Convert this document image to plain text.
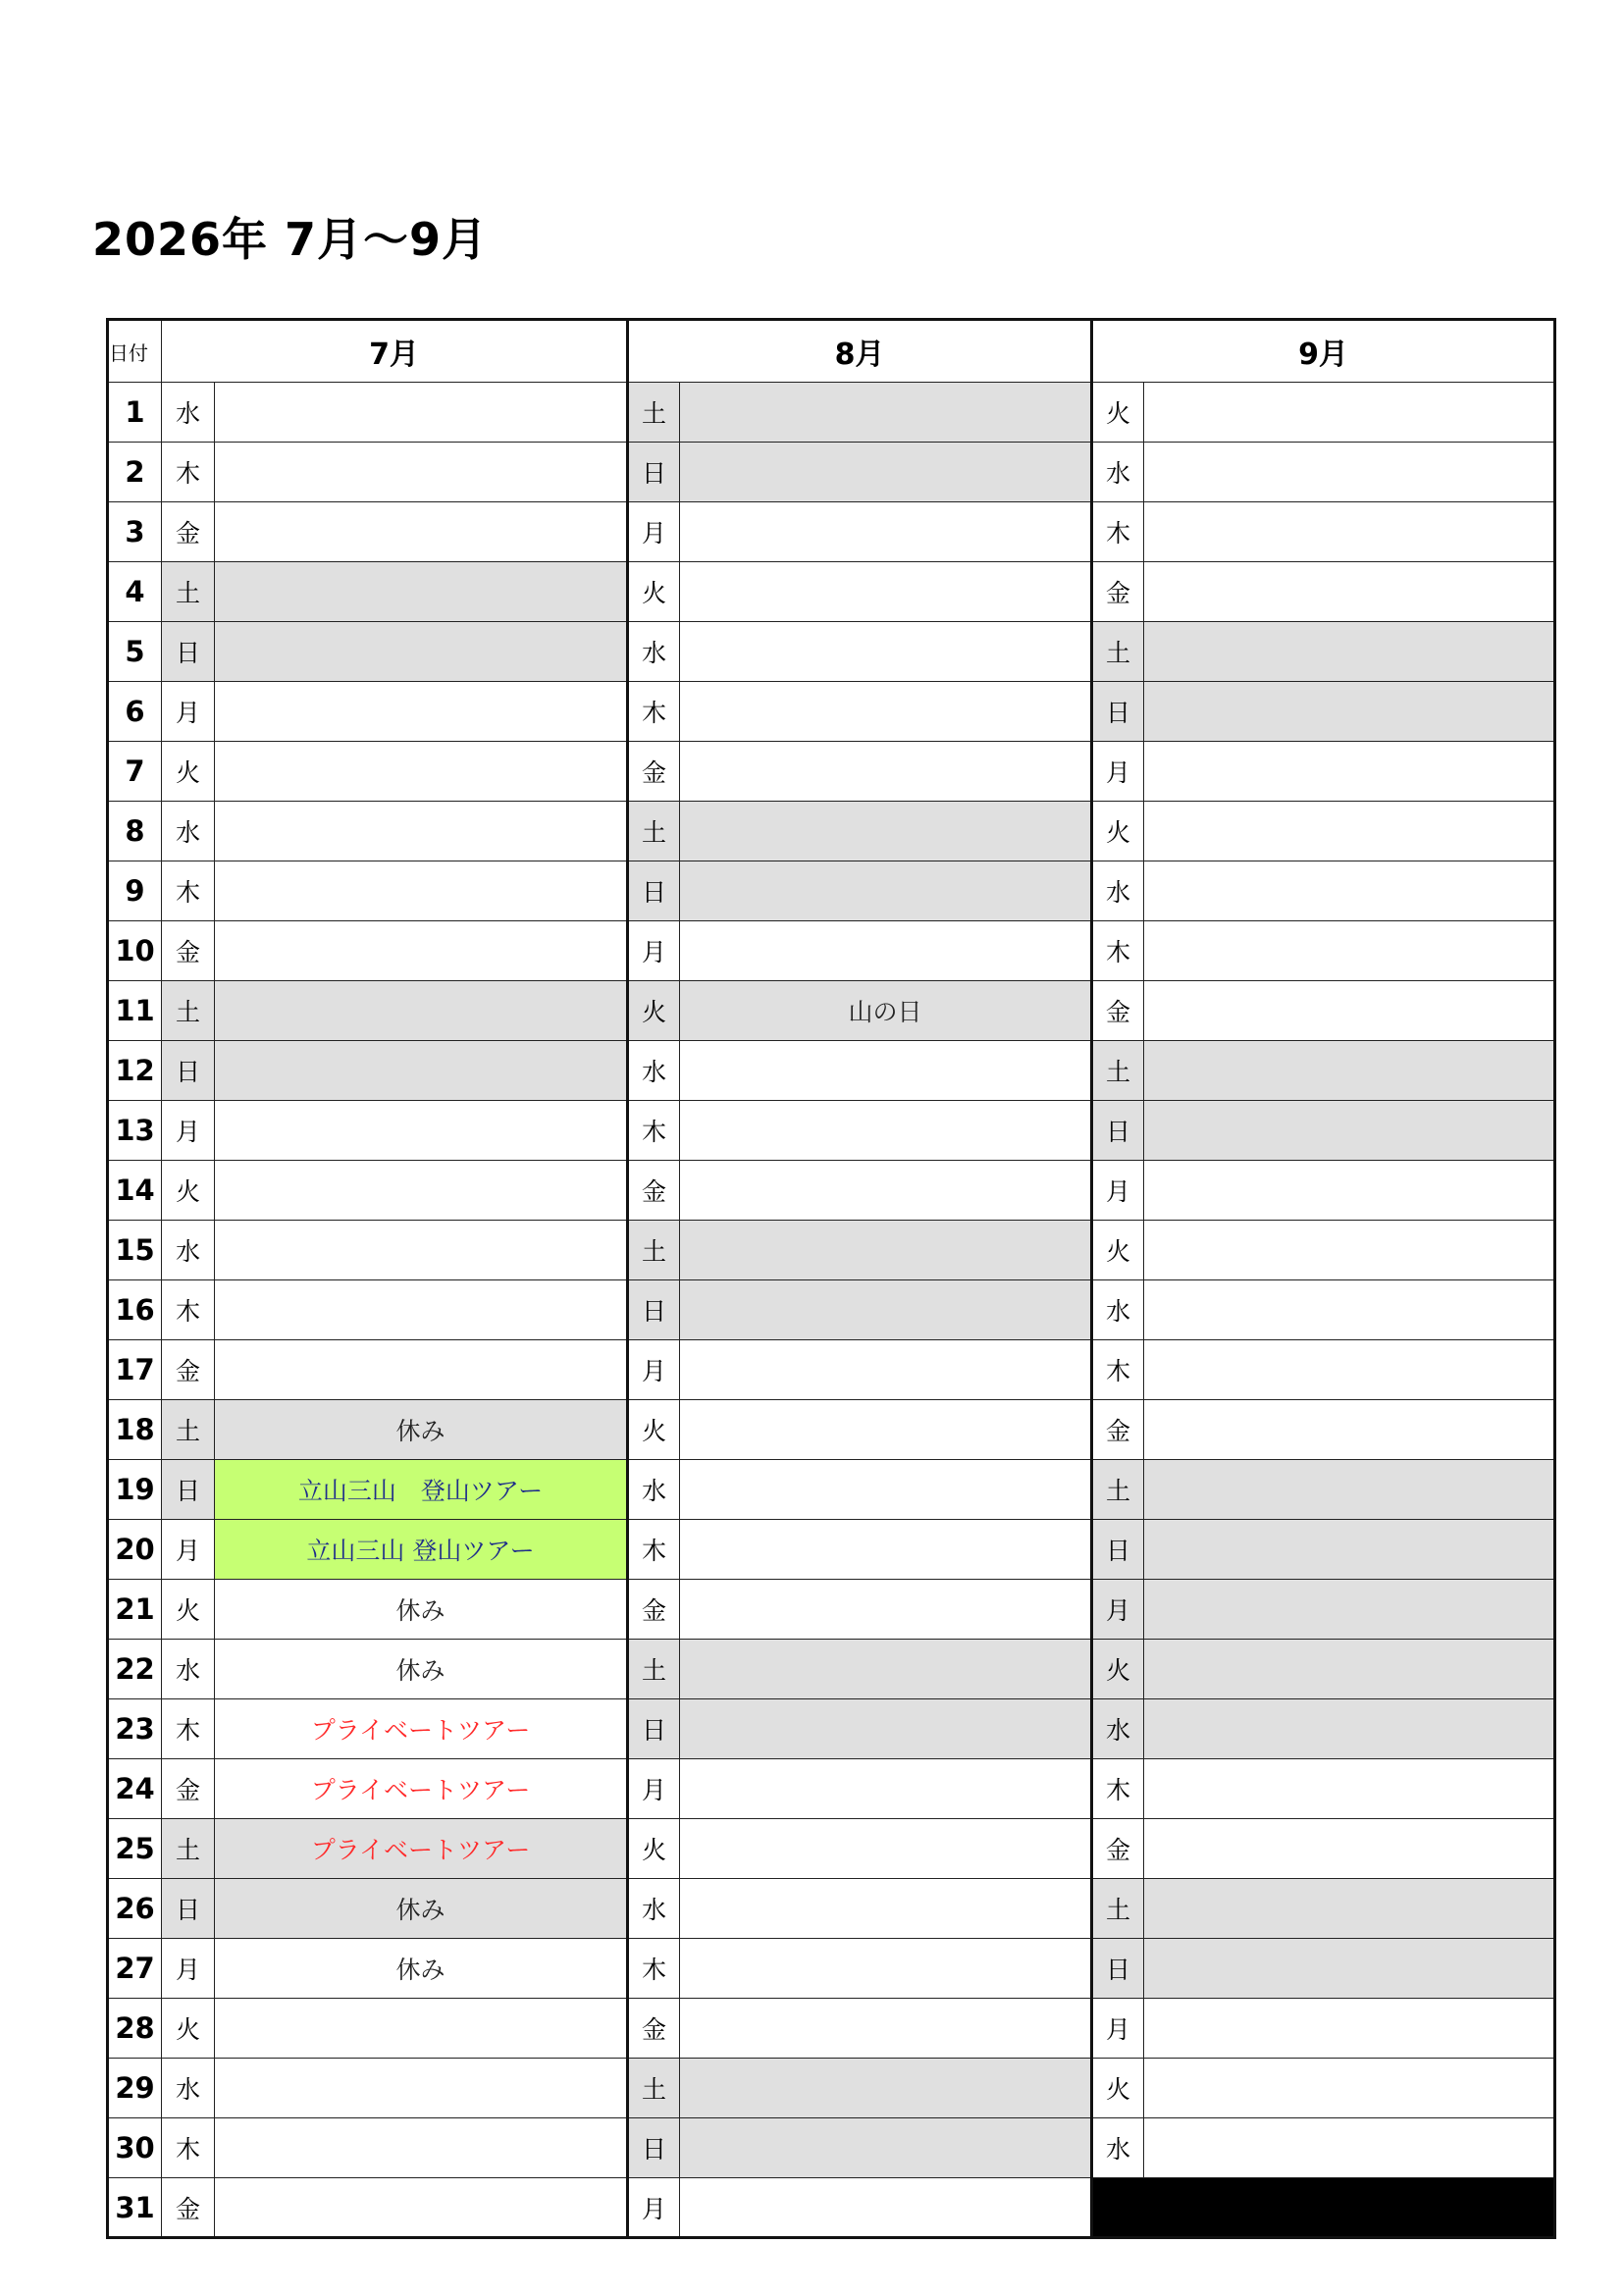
2026年 7月〜9月
日付	7月		8月		9月	
1	水		土		火	
2	木		日		水	
3	金		月		木	
4	土		火		金	
5	日		水		土	
6	月		木		日	
7	火		金		月	
8	水		土		火	
9	木		日		水	
10	金		月		木	
11	土		火	山の日	金	
12	日		水		土	
13	月		木		日	
14	火		金		月	
15	水		土		火	
16	木		日		水	
17	金		月		木	
18	土	休み	火		金	
19	日	立山三山　登山ツアー	水		土	
20	月	立山三山 登山ツアー	木		日	
21	火	休み	金		月	
22	水	休み	土		火	
23	木	プライベートツアー	日		水	
24	金	プライベートツアー	月		木	
25	土	プライベートツアー	火		金	
26	日	休み	水		土	
27	月	休み	木		日	
28	火		金		月	
29	水		土		火	
30	木		日		水	
31	金		月			
